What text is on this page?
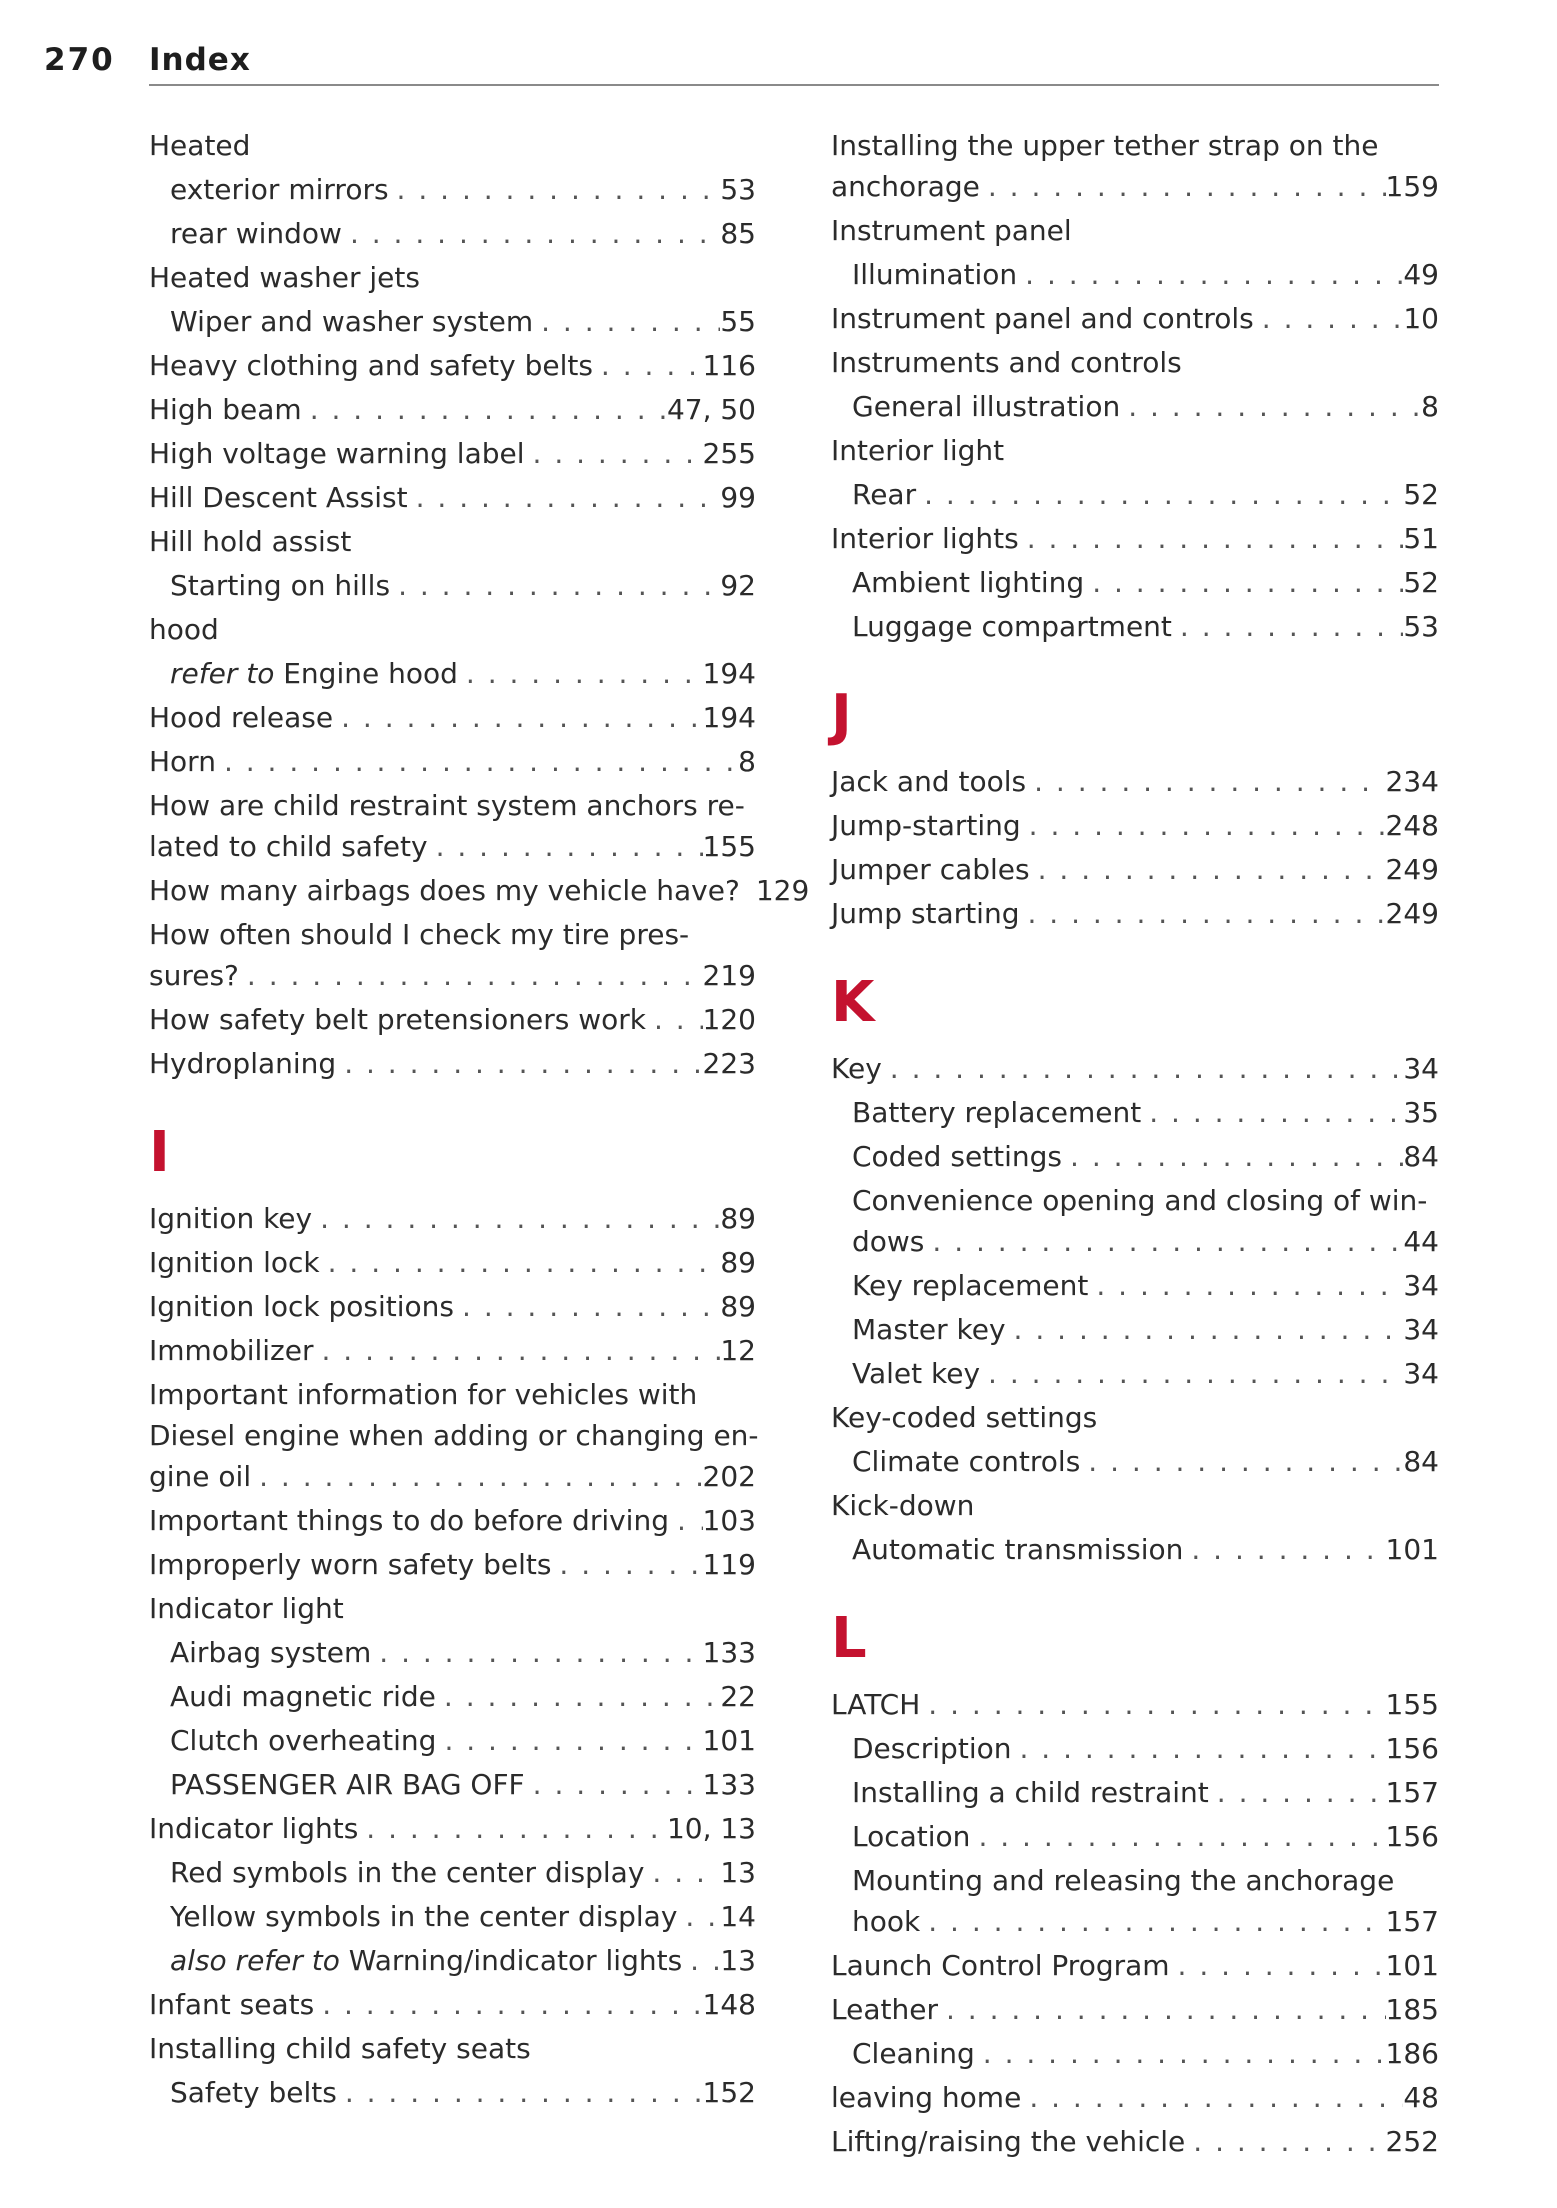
270 Index
Heated
exterior mirrors . . .	53
rear window . . .	85
Heated washer jets
Wiper and washer system . . .	55
Heavy clothing and safety belts . . .	116
High beam . . .	47, 50
High voltage warning label . . .	255
Hill Descent Assist . . .	99
Hill hold assist
Starting on hills . . .	92
hood
refer to Engine hood . . .	194
Hood release . . .	194
Horn . . .	8
How are child restraint system anchors re-
lated to child safety . . .	155
How many airbags does my vehicle have? 129
How often should I check my tire pres-
sures? . . .	219
How safety belt pretensioners work . . . 120
Hydroplaning . . .	223
I
Ignition key . . .	89
Ignition lock . . .	89
Ignition lock positions . . .	89
Immobilizer . . .	12
Important information for vehicles with
Diesel engine when adding or changing en-
gine oil . . .	202
Important things to do before driving . . . 103
Improperly worn safety belts . . .	119
Indicator light
Airbag system . . .	133
Audi magnetic ride . . .	22
Clutch overheating . . .	101
PASSENGER AIR BAG OFF . . .	133
Indicator lights . . .	10, 13
Red symbols in the center display . . .	13
Yellow symbols in the center display . . . 14
also refer to Warning/indicator lights . . . 13
Infant seats . . .	148
Installing child safety seats
Safety belts . . .	152
Installing the upper tether strap on the
anchorage . . .	159
Instrument panel
Illumination . . .	49
Instrument panel and controls . . .	10
Instruments and controls
General illustration . . .	8
Interior light
Rear . . .	52
Interior lights . . .	51
Ambient lighting . . .	52
Luggage compartment . . .	53
J
Jack and tools . . .	234
Jump-starting . . .	248
Jumper cables . . .	249
Jump starting . . .	249
K
Key . . .	34
Battery replacement . . .	35
Coded settings . . .	84
Convenience opening and closing of win-
dows . . .	44
Key replacement . . .	34
Master key . . .	34
Valet key . . .	34
Key-coded settings
Climate controls . . .	84
Kick-down
Automatic transmission . . .	101
L
LATCH . . .	155
Description . . .	156
Installing a child restraint . . .	157
Location . . .	156
Mounting and releasing the anchorage
hook . . .	157
Launch Control Program . . .	101
Leather . . .	185
Cleaning . . .	186
leaving home . . .	48
Lifting/raising the vehicle . . .	252
